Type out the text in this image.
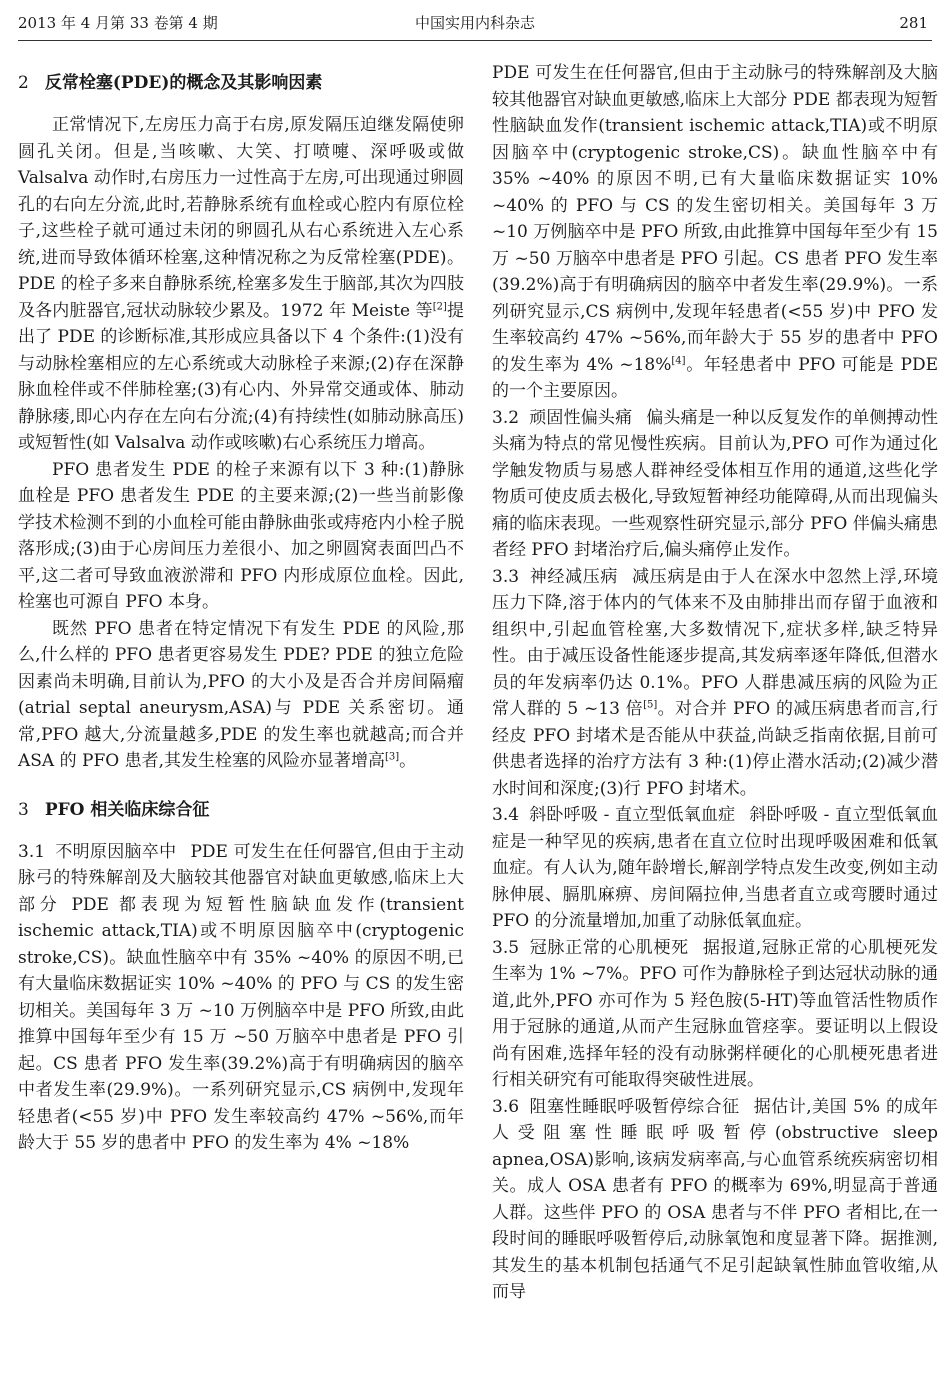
2013 年 4 月第 33 卷第 4 期	中国实用内科杂志	281
2 反常栓塞(PDE)的概念及其影响因素

正常情况下,左房压力高于右房,原发隔压迫继发隔使卵圆孔关闭。但是,当咳嗽、大笑、打喷嚏、深呼吸或做 Valsalva 动作时,右房压力一过性高于左房,可出现通过卵圆孔的右向左分流,此时,若静脉系统有血栓或心腔内有原位栓子,这些栓子就可通过未闭的卵圆孔从右心系统进入左心系统,进而导致体循环栓塞,这种情况称之为反常栓塞(PDE)。PDE 的栓子多来自静脉系统,栓塞多发生于脑部,其次为四肢及各内脏器官,冠状动脉较少累及。1972 年 Meiste 等[2]提出了 PDE 的诊断标准,其形成应具备以下 4 个条件:(1)没有与动脉栓塞相应的左心系统或大动脉栓子来源;(2)存在深静脉血栓伴或不伴肺栓塞;(3)有心内、外异常交通或体、肺动静脉瘘,即心内存在左向右分流;(4)有持续性(如肺动脉高压)或短暂性(如 Valsalva 动作或咳嗽)右心系统压力增高。

PFO 患者发生 PDE 的栓子来源有以下 3 种:(1)静脉血栓是 PFO 患者发生 PDE 的主要来源;(2)一些当前影像学技术检测不到的小血栓可能由静脉曲张或痔疮内小栓子脱落形成;(3)由于心房间压力差很小、加之卵圆窝表面凹凸不平,这二者可导致血液淤滞和 PFO 内形成原位血栓。因此,栓塞也可源自 PFO 本身。

既然 PFO 患者在特定情况下有发生 PDE 的风险,那么,什么样的 PFO 患者更容易发生 PDE? PDE 的独立危险因素尚未明确,目前认为,PFO 的大小及是否合并房间隔瘤(atrial septal aneurysm,ASA)与 PDE 关系密切。通常,PFO 越大,分流量越多,PDE 的发生率也就越高;而合并 ASA 的 PFO 患者,其发生栓塞的风险亦显著增高[3]。

3 PFO 相关临床综合征

3.1 不明原因脑卒中 PDE 可发生在任何器官,但由于主动脉弓的特殊解剖及大脑较其他器官对缺血更敏感,临床上大部分 PDE 都表现为短暂性脑缺血发作(transient ischemic attack,TIA)或不明原因脑卒中(cryptogenic stroke,CS)。缺血性脑卒中有 35% ~40% 的原因不明,已有大量临床数据证实 10% ~40% 的 PFO 与 CS 的发生密切相关。美国每年 3 万 ~10 万例脑卒中是 PFO 所致,由此推算中国每年至少有 15 万 ~50 万脑卒中患者是 PFO 引起。CS 患者 PFO 发生率(39.2%)高于有明确病因的脑卒中者发生率(29.9%)。一系列研究显示,CS 病例中,发现年轻患者(<55 岁)中 PFO 发生率较高约 47% ~56%,而年龄大于 55 岁的患者中 PFO 的发生率为 4% ~18%

PDE 可发生在任何器官,但由于主动脉弓的特殊解剖及大脑较其他器官对缺血更敏感,临床上大部分 PDE 都表现为短暂性脑缺血发作(transient ischemic attack,TIA)或不明原因脑卒中(cryptogenic stroke,CS)。缺血性脑卒中有 35% ~40% 的原因不明,已有大量临床数据证实 10% ~40% 的 PFO 与 CS 的发生密切相关。美国每年 3 万 ~10 万例脑卒中是 PFO 所致,由此推算中国每年至少有 15 万 ~50 万脑卒中患者是 PFO 引起。CS 患者 PFO 发生率(39.2%)高于有明确病因的脑卒中者发生率(29.9%)。一系列研究显示,CS 病例中,发现年轻患者(<55 岁)中 PFO 发生率较高约 47% ~56%,而年龄大于 55 岁的患者中 PFO 的发生率为 4% ~18%[4]。年轻患者中 PFO 可能是 PDE 的一个主要原因。

3.2 顽固性偏头痛 偏头痛是一种以反复发作的单侧搏动性头痛为特点的常见慢性疾病。目前认为,PFO 可作为通过化学触发物质与易感人群神经受体相互作用的通道,这些化学物质可使皮质去极化,导致短暂神经功能障碍,从而出现偏头痛的临床表现。一些观察性研究显示,部分 PFO 伴偏头痛患者经 PFO 封堵治疗后,偏头痛停止发作。

3.3 神经减压病 减压病是由于人在深水中忽然上浮,环境压力下降,溶于体内的气体来不及由肺排出而存留于血液和组织中,引起血管栓塞,大多数情况下,症状多样,缺乏特异性。由于减压设备性能逐步提高,其发病率逐年降低,但潜水员的年发病率仍达 0.1%。PFO 人群患减压病的风险为正常人群的 5 ~13 倍[5]。对合并 PFO 的减压病患者而言,行经皮 PFO 封堵术是否能从中获益,尚缺乏指南依据,目前可供患者选择的治疗方法有 3 种:(1)停止潜水活动;(2)减少潜水时间和深度;(3)行 PFO 封堵术。

3.4 斜卧呼吸 - 直立型低氧血症 斜卧呼吸 - 直立型低氧血症是一种罕见的疾病,患者在直立位时出现呼吸困难和低氧血症。有人认为,随年龄增长,解剖学特点发生改变,例如主动脉伸展、膈肌麻痹、房间隔拉伸,当患者直立或弯腰时通过 PFO 的分流量增加,加重了动脉低氧血症。

3.5 冠脉正常的心肌梗死 据报道,冠脉正常的心肌梗死发生率为 1% ~7%。PFO 可作为静脉栓子到达冠状动脉的通道,此外,PFO 亦可作为 5 羟色胺(5-HT)等血管活性物质作用于冠脉的通道,从而产生冠脉血管痉挛。要证明以上假设尚有困难,选择年轻的没有动脉粥样硬化的心肌梗死患者进行相关研究有可能取得突破性进展。

3.6 阻塞性睡眠呼吸暂停综合征 据估计,美国 5% 的成年人受阻塞性睡眠呼吸暂停(obstructive sleep apnea,OSA)影响,该病发病率高,与心血管系统疾病密切相关。成人 OSA 患者有 PFO 的概率为 69%,明显高于普通人群。这些伴 PFO 的 OSA 患者与不伴 PFO 者相比,在一段时间的睡眠呼吸暂停后,动脉氧饱和度显著下降。据推测,其发生的基本机制包括通气不足引起缺氧性肺血管收缩,从而导
